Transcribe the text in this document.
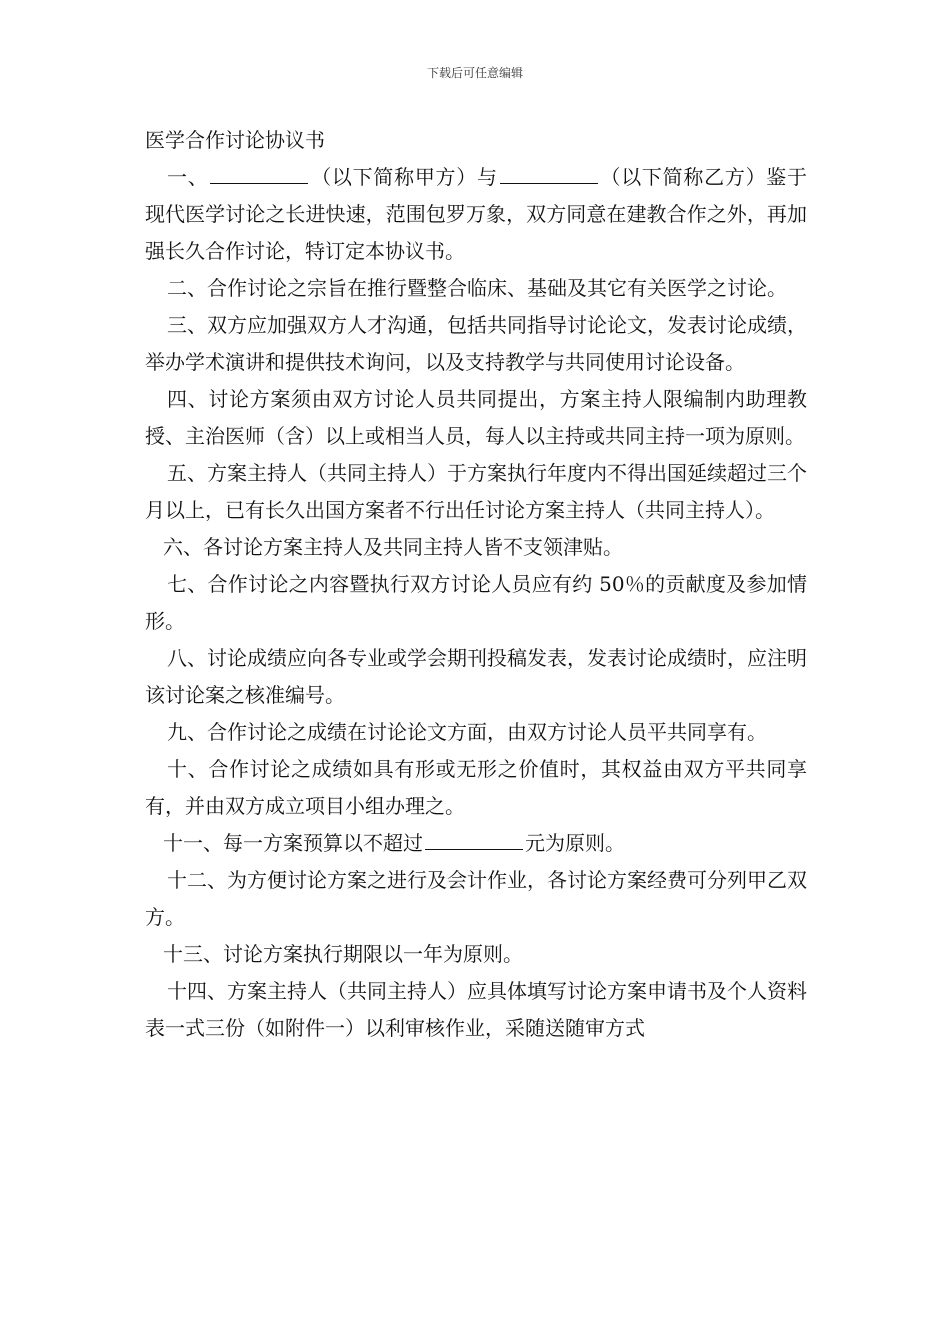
下载后可任意编辑

医学合作讨论协议书

一、	（以下简称甲方）与	（以下简称乙方）鉴于现代医学讨论之长进快速，范围包罗万象，双方同意在建教合作之外，再加强长久合作讨论，特订定本协议书。

二、合作讨论之宗旨在推行暨整合临床、基础及其它有关医学之讨论。

三、双方应加强双方人才沟通，包括共同指导讨论论文，发表讨论成绩，举办学术演讲和提供技术询问，以及支持教学与共同使用讨论设备。

四、讨论方案须由双方讨论人员共同提出，方案主持人限编制内助理教授、主治医师（含）以上或相当人员，每人以主持或共同主持一项为原则。

五、方案主持人（共同主持人）于方案执行年度内不得出国延续超过三个月以上，已有长久出国方案者不行出任讨论方案主持人（共同主持人）。

六、各讨论方案主持人及共同主持人皆不支领津贴。

七、合作讨论之内容暨执行双方讨论人员应有约 50％的贡献度及参加情形。

八、讨论成绩应向各专业或学会期刊投稿发表，发表讨论成绩时，应注明该讨论案之核准编号。

九、合作讨论之成绩在讨论论文方面，由双方讨论人员平共同享有。

十、合作讨论之成绩如具有形或无形之价值时，其权益由双方平共同享有，并由双方成立项目小组办理之。

十一、每一方案预算以不超过	元为原则。

十二、为方便讨论方案之进行及会计作业，各讨论方案经费可分列甲乙双方。

十三、讨论方案执行期限以一年为原则。

十四、方案主持人（共同主持人）应具体填写讨论方案申请书及个人资料表一式三份（如附件一）以利审核作业，采随送随审方式
